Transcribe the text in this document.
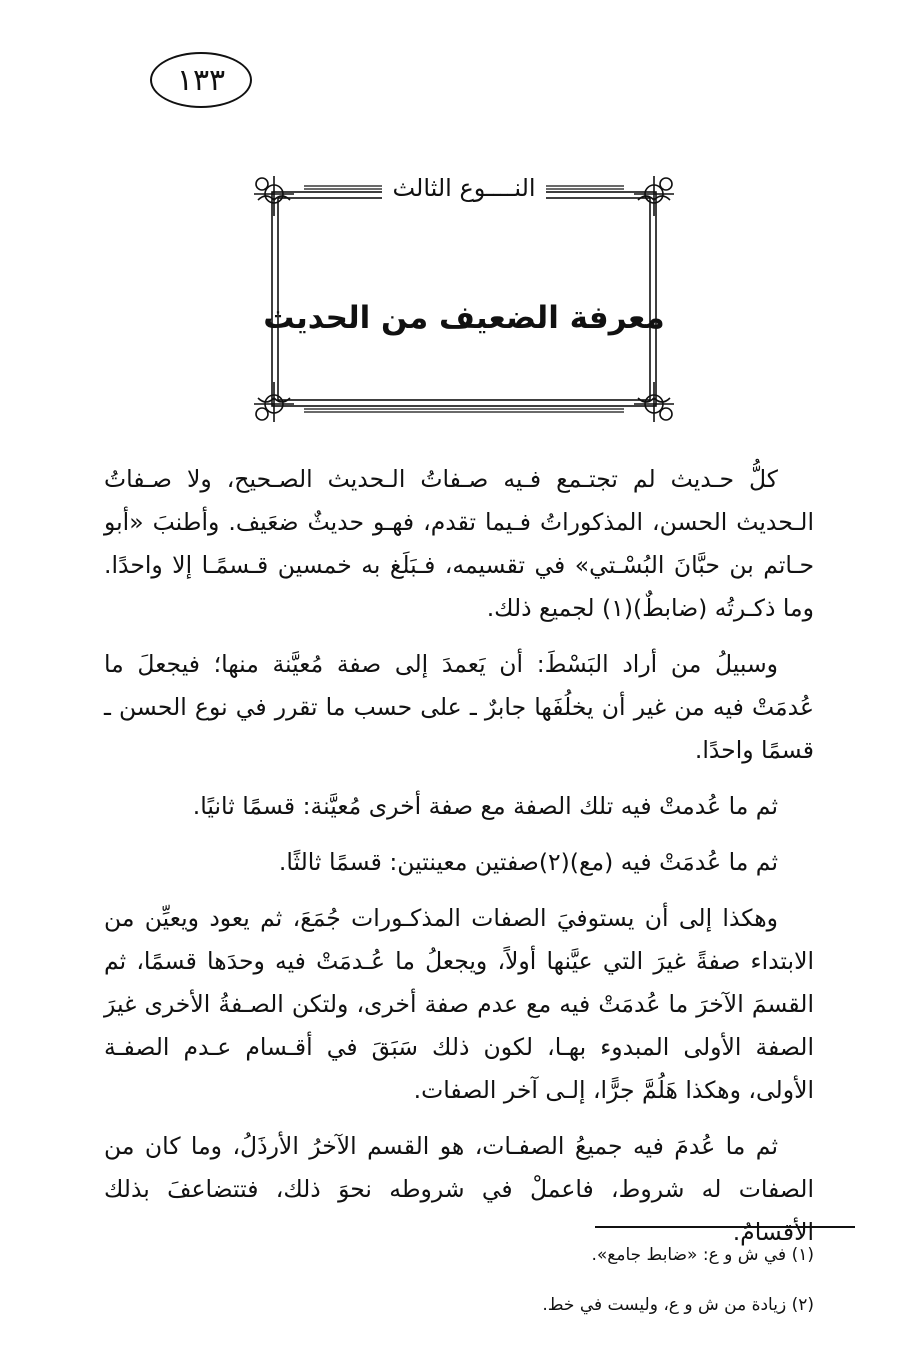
١٣٣
النــــوع الثالث
معرفة الضعيف من الحديث

كلُّ حـديث لم تجتـمع فـيه صـفاتُ الـحديث الصـحيح، ولا صـفاتُ الـحديث الحسن، المذكوراتُ فـيما تقدم، فهـو حديثٌ ضعَيف. وأطنبَ «أبو حـاتم بن حبَّانَ البُسْـتي» في تقسيمه، فـبَلَغ به خمسين قـسمًـا إلا واحدًا. وما ذكـرتُه (ضابطٌ)(١) لجميع ذلك.

وسبيلُ من أراد البَسْطَ: أن يَعمدَ إلى صفة مُعيَّنة منها؛ فيجعلَ ما عُدمَتْ فيه من غير أن يخلُفَها جابرٌ ـ على حسب ما تقرر في نوع الحسن ـ قسمًا واحدًا.

ثم ما عُدمتْ فيه تلك الصفة مع صفة أخرى مُعيَّنة: قسمًا ثانيًا.

ثم ما عُدمَتْ فيه (مع)(٢)صفتين معينتين: قسمًا ثالثًا.

وهكذا إلى أن يستوفيَ الصفات المذكـورات جُمَعَ، ثم يعود ويعيِّن من الابتداء صفةً غيرَ التي عيَّنها أولاً، ويجعلُ ما عُـدمَتْ فيه وحدَها قسمًا، ثم القسمَ الآخرَ ما عُدمَتْ فيه مع عدم صفة أخرى، ولتكن الصـفةُ الأخرى غيرَ الصفة الأولى المبدوء بهـا، لكون ذلك سَبَقَ في أقـسام عـدم الصفـة الأولى، وهكذا هَلُمَّ جرًّا، إلـى آخر الصفات.

ثم ما عُدمَ فيه جميعُ الصفـات، هو القسم الآخرُ الأرذَلُ، وما كان من الصفات له شروط، فاعملْ في شروطه نحوَ ذلك، فتتضاعفَ بذلك الأقسامُ.

(١) في ش و ع: «ضابط جامع».
(٢) زيادة من ش و ع، وليست في خط.
